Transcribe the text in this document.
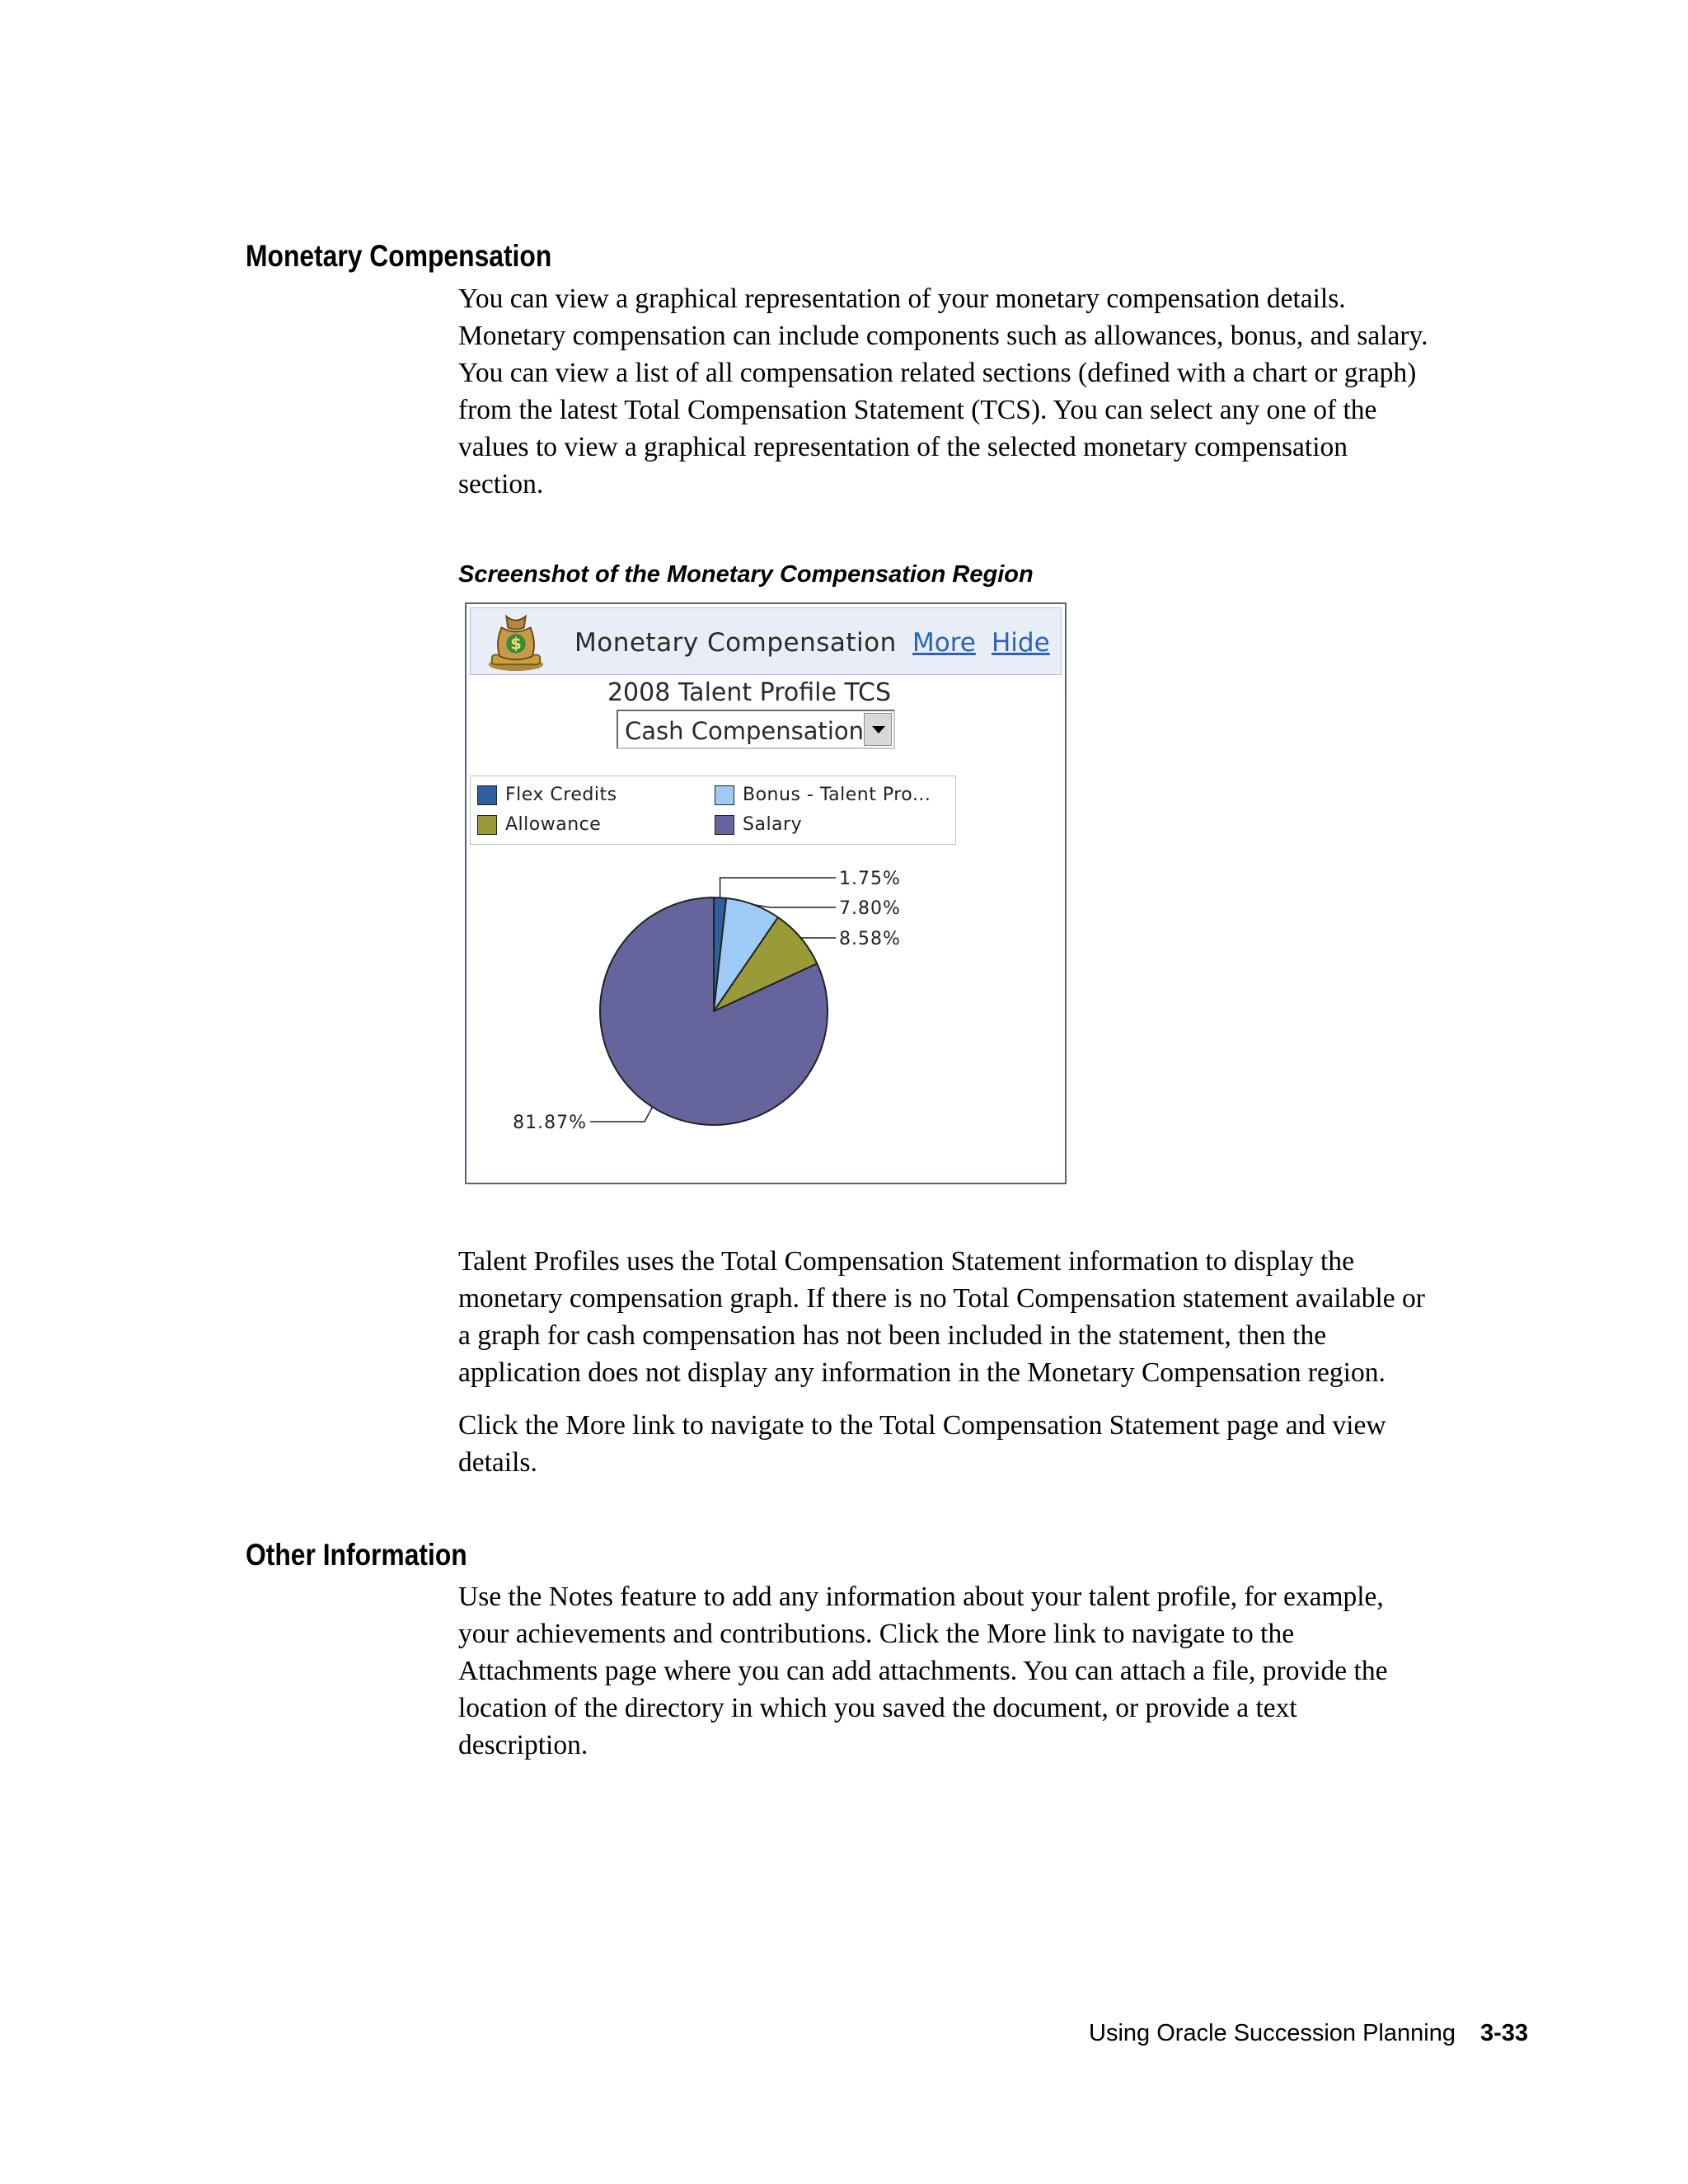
Monetary Compensation
You can view a graphical representation of your monetary compensation details.
Monetary compensation can include components such as allowances, bonus, and salary.
You can view a list of all compensation related sections (defined with a chart or graph)
from the latest Total Compensation Statement (TCS). You can select any one of the
values to view a graphical representation of the selected monetary compensation
section.

Screenshot of the Monetary Compensation Region

$ Monetary Compensation More Hide
2008 Talent Profile TCS
Cash Compensation
Flex Credits	Bonus - Talent Pro...
Allowance	Salary
1.75%
7.80%
8.58%
81.87%
Talent Profiles uses the Total Compensation Statement information to display the
monetary compensation graph. If there is no Total Compensation statement available or
a graph for cash compensation has not been included in the statement, then the
application does not display any information in the Monetary Compensation region.
Click the More link to navigate to the Total Compensation Statement page and view
details.
Other Information
Use the Notes feature to add any information about your talent profile, for example,
your achievements and contributions. Click the More link to navigate to the
Attachments page where you can add attachments. You can attach a file, provide the
location of the directory in which you saved the document, or provide a text
description.
Using Oracle Succession Planning 3-33
